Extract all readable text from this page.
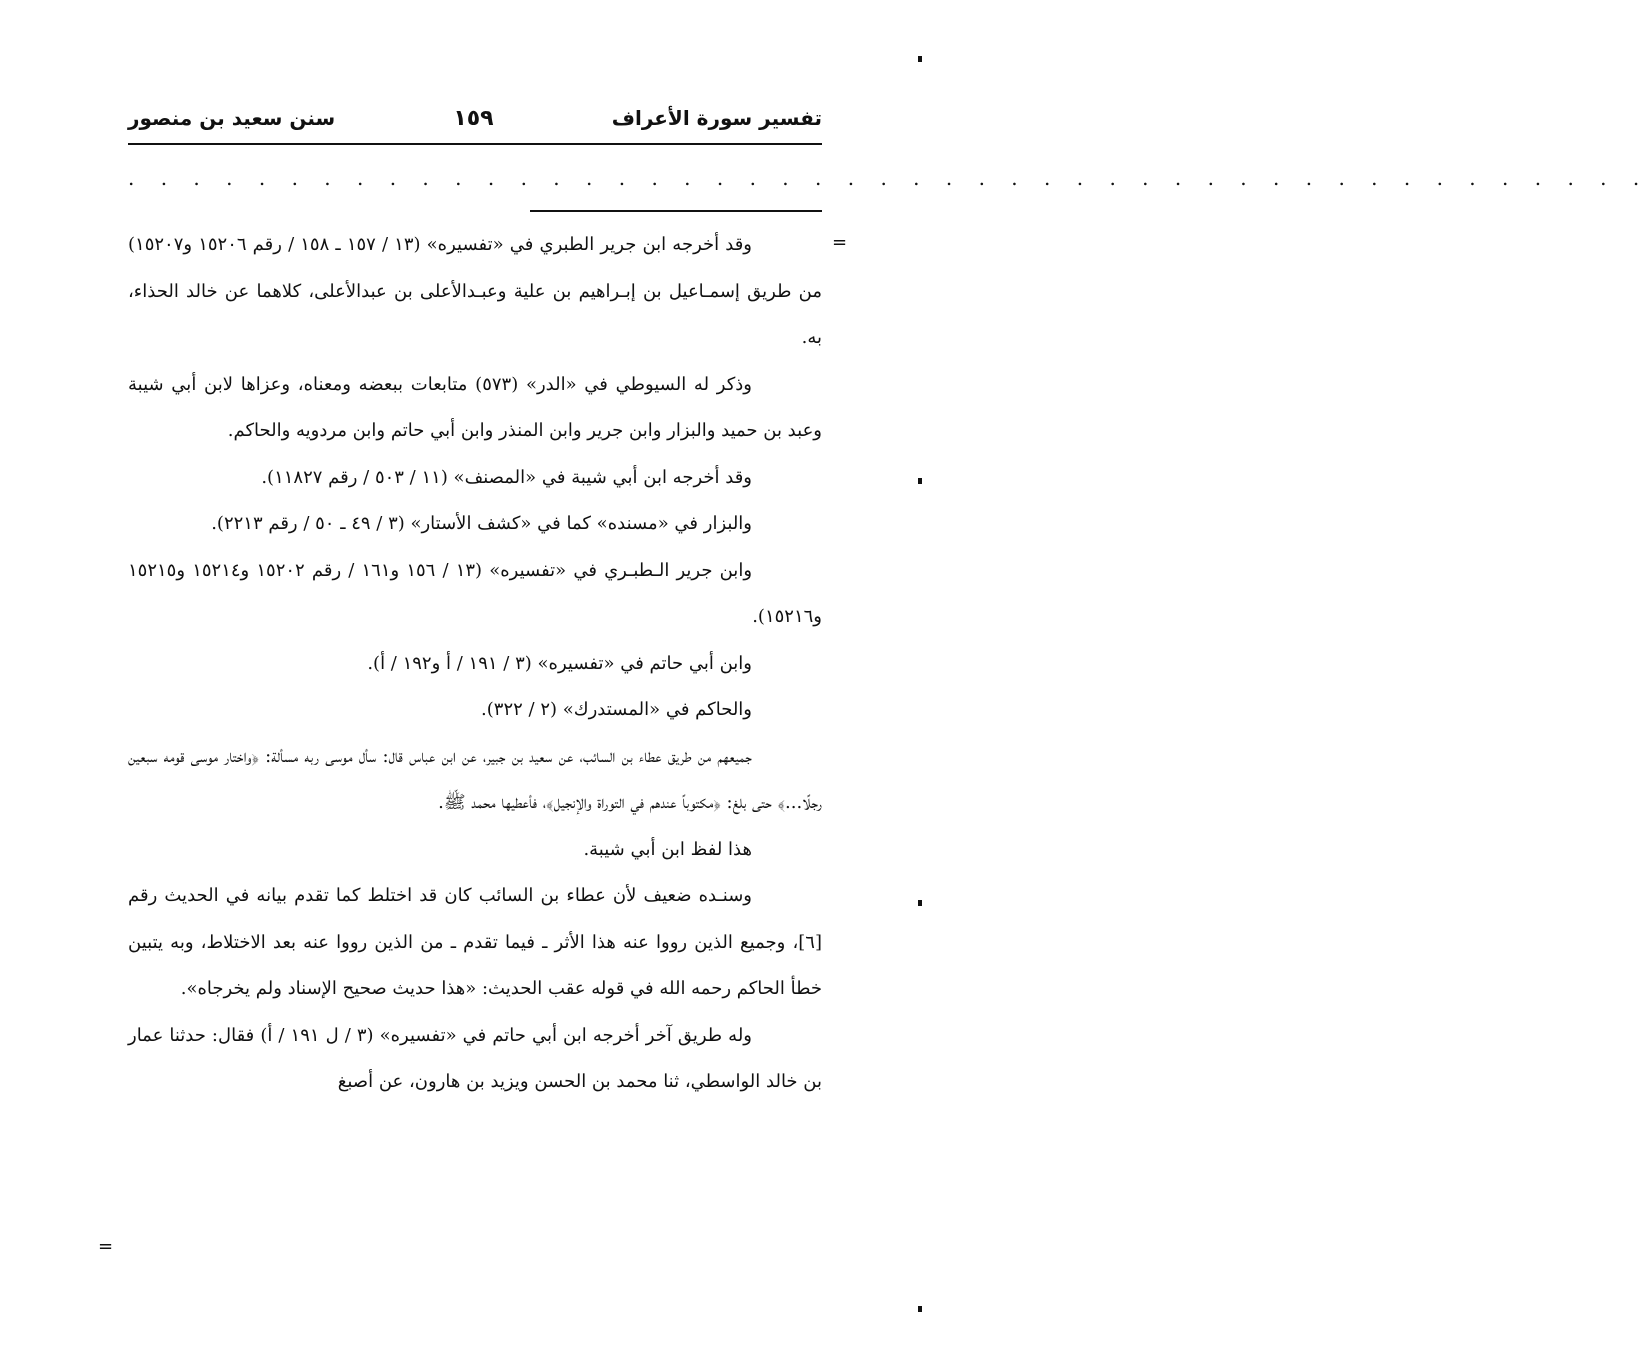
تفسير سورة الأعراف
١٥٩
سنن سعيد بن منصور
. . . . . . . . . . . . . . . . . . . . . . . . . . . . . . . . . . . . . . . . . . . . . . .
=
=

وقد أخرجه ابن جرير الطبري في «تفسيره» (١٣ / ١٥٧ ـ ١٥٨ / رقم ١٥٢٠٦ و١٥٢٠٧) من طريق إسمـاعيل بن إبـراهيم بن علية وعبـدالأعلى بن عبدالأعلى، كلاهما عن خالد الحذاء، به.

وذكر له السيوطي في «الدر» (٥٧٣) متابعات ببعضه ومعناه، وعزاها لابن أبي شيبة وعبد بن حميد والبزار وابن جرير وابن المنذر وابن أبي حاتم وابن مردويه والحاكم.

وقد أخرجه ابن أبي شيبة في «المصنف» (١١ / ٥٠٣ / رقم ١١٨٢٧).

والبزار في «مسنده» كما في «كشف الأستار» (٣ / ٤٩ ـ ٥٠ / رقم ٢٢١٣).

وابن جرير الـطبـري في «تفسيره» (١٣ / ١٥٦ و١٦١ / رقم ١٥٢٠٢ و١٥٢١٤ و١٥٢١٥ و١٥٢١٦).

وابن أبي حاتم في «تفسيره» (٣ / ١٩١ / أ و١٩٢ / أ).

والحاكم في «المستدرك» (٢ / ٣٢٢).

جميعهم من طريق عطاء بن السائب، عن سعيد بن جبير، عن ابن عباس قال: سأل موسى ربه مسألة: ﴿واختار موسى قومه سبعين رجلًا...﴾ حتى بلغ: ﴿مكتوباً عندهم في التوراة والإنجيل﴾، فأعطيها محمد ﷺ.

هذا لفظ ابن أبي شيبة.

وسنـده ضعيف لأن عطاء بن السائب كان قد اختلط كما تقدم بيانه في الحديث رقم [٦]، وجميع الذين رووا عنه هذا الأثر ـ فيما تقدم ـ من الذين رووا عنه بعد الاختلاط، وبه يتبين خطأ الحاكم رحمه الله في قوله عقب الحديث: «هذا حديث صحيح الإسناد ولم يخرجاه».

وله طريق آخر أخرجه ابن أبي حاتم في «تفسيره» (٣ / ل ١٩١ / أ) فقال: حدثنا عمار بن خالد الواسطي، ثنا محمد بن الحسن ويزيد بن هارون، عن أصبغ
